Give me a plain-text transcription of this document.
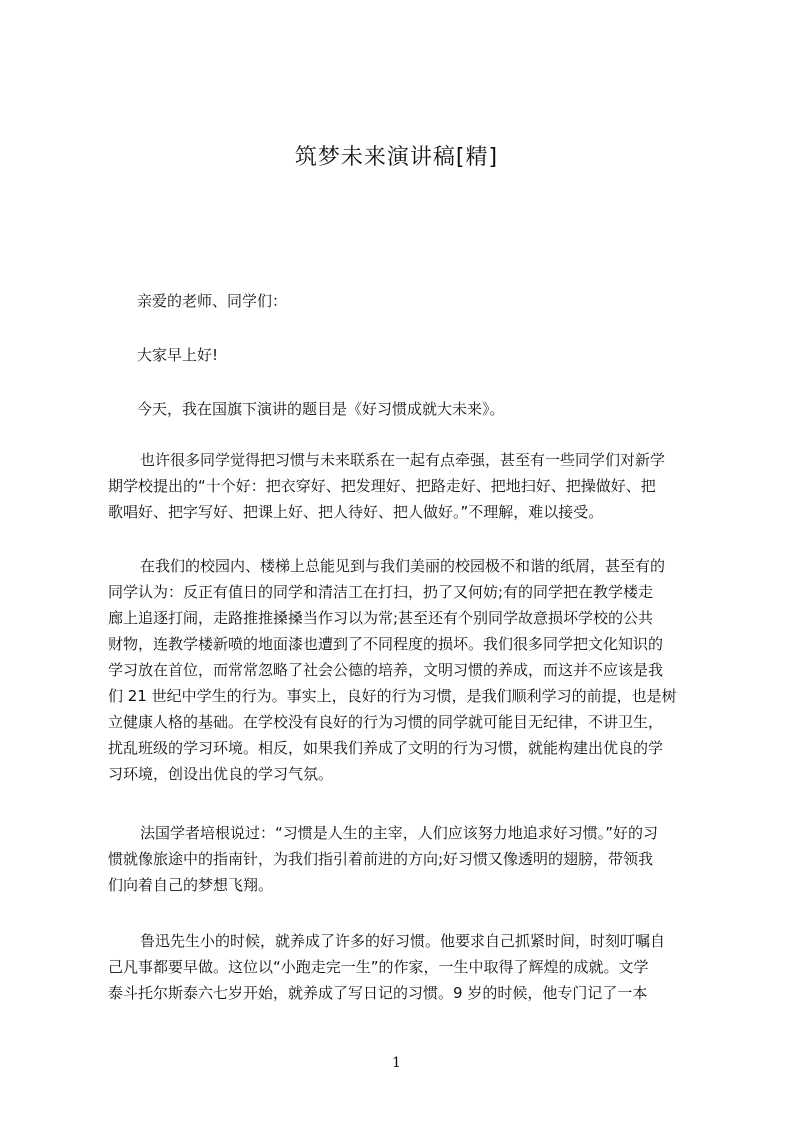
筑梦未来演讲稿[精]

亲爱的老师、同学们：

大家早上好!

今天，我在国旗下演讲的题目是《好习惯成就大未来》。

也许很多同学觉得把习惯与未来联系在一起有点牵强，甚至有一些同学们对新学
期学校提出的“十个好：把衣穿好、把发理好、把路走好、把地扫好、把操做好、把
歌唱好、把字写好、把课上好、把人待好、把人做好。”不理解，难以接受。
在我们的校园内、楼梯上总能见到与我们美丽的校园极不和谐的纸屑，甚至有的
同学认为：反正有值日的同学和清洁工在打扫，扔了又何妨;有的同学把在教学楼走
廊上追逐打闹，走路推推搡搡当作习以为常;甚至还有个别同学故意损坏学校的公共
财物，连教学楼新喷的地面漆也遭到了不同程度的损坏。我们很多同学把文化知识的
学习放在首位，而常常忽略了社会公德的培养，文明习惯的养成，而这并不应该是我
们 21 世纪中学生的行为。事实上，良好的行为习惯，是我们顺利学习的前提，也是树
立健康人格的基础。在学校没有良好的行为习惯的同学就可能目无纪律，不讲卫生，
扰乱班级的学习环境。相反，如果我们养成了文明的行为习惯，就能构建出优良的学
习环境，创设出优良的学习气氛。
法国学者培根说过：“习惯是人生的主宰，人们应该努力地追求好习惯。”好的习
惯就像旅途中的指南针，为我们指引着前进的方向;好习惯又像透明的翅膀，带领我
们向着自己的梦想飞翔。
鲁迅先生小的时候，就养成了许多的好习惯。他要求自己抓紧时间，时刻叮嘱自
己凡事都要早做。这位以“小跑走完一生”的作家，一生中取得了辉煌的成就。文学
泰斗托尔斯泰六七岁开始，就养成了写日记的习惯。9 岁的时候，他专门记了一本

1
